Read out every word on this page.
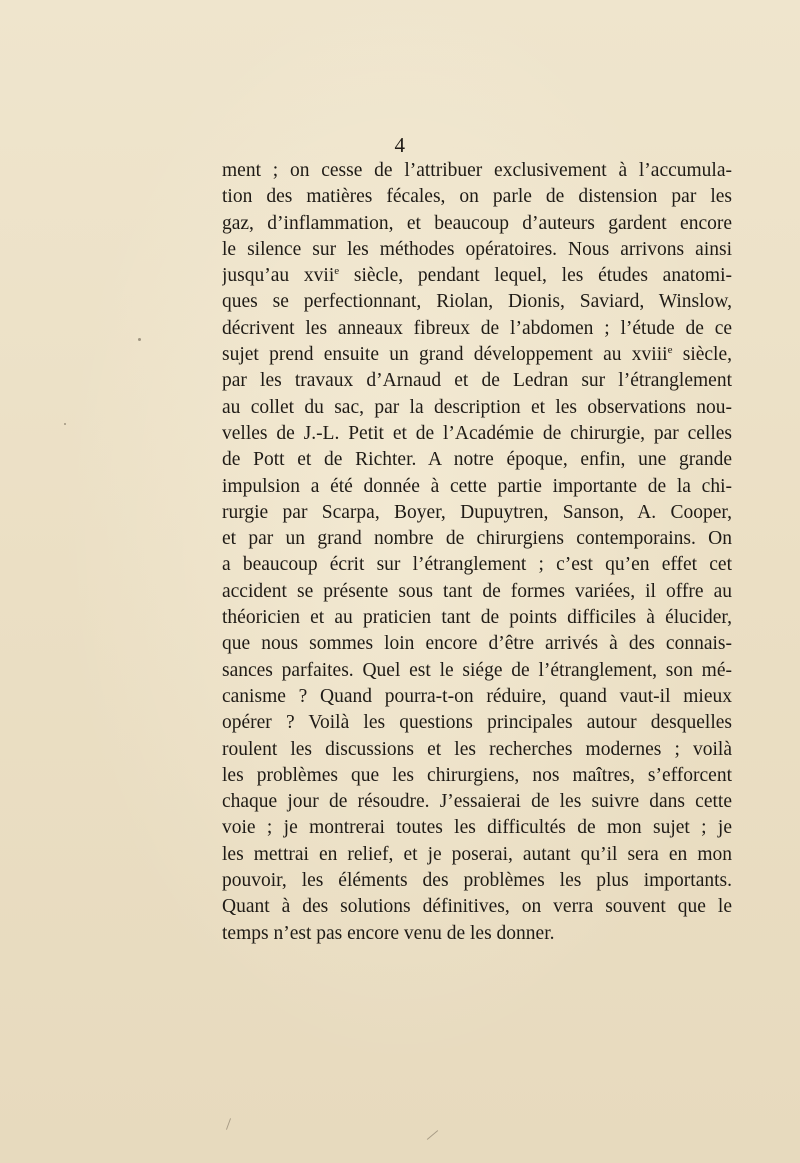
4
ment ; on cesse de l’attribuer exclusivement à l’accumula-
tion des matières fécales, on parle de distension par les
gaz, d’inflammation, et beaucoup d’auteurs gardent encore
le silence sur les méthodes opératoires. Nous arrivons ainsi
jusqu’au xvii$^e$ siècle, pendant lequel, les études anatomi-
ques se perfectionnant, Riolan, Dionis, Saviard, Winslow,
décrivent les anneaux fibreux de l’abdomen ; l’étude de ce
sujet prend ensuite un grand développement au xviii$^e$ siècle,
par les travaux d’Arnaud et de Ledran sur l’étranglement
au collet du sac, par la description et les observations nou-
velles de J.-L. Petit et de l’Académie de chirurgie, par celles
de Pott et de Richter. A notre époque, enfin, une grande
impulsion a été donnée à cette partie importante de la chi-
rurgie par Scarpa, Boyer, Dupuytren, Sanson, A. Cooper,
et par un grand nombre de chirurgiens contemporains. On
a beaucoup écrit sur l’étranglement ; c’est qu’en effet cet
accident se présente sous tant de formes variées, il offre au
théoricien et au praticien tant de points difficiles à élucider,
que nous sommes loin encore d’être arrivés à des connais-
sances parfaites. Quel est le siége de l’étranglement, son mé-
canisme ? Quand pourra-t-on réduire, quand vaut-il mieux
opérer ? Voilà les questions principales autour desquelles
roulent les discussions et les recherches modernes ; voilà
les problèmes que les chirurgiens, nos maîtres, s’efforcent
chaque jour de résoudre. J’essaierai de les suivre dans cette
voie ; je montrerai toutes les difficultés de mon sujet ; je
les mettrai en relief, et je poserai, autant qu’il sera en mon
pouvoir, les éléments des problèmes les plus importants.
Quant à des solutions définitives, on verra souvent que le
temps n’est pas encore venu de les donner.
